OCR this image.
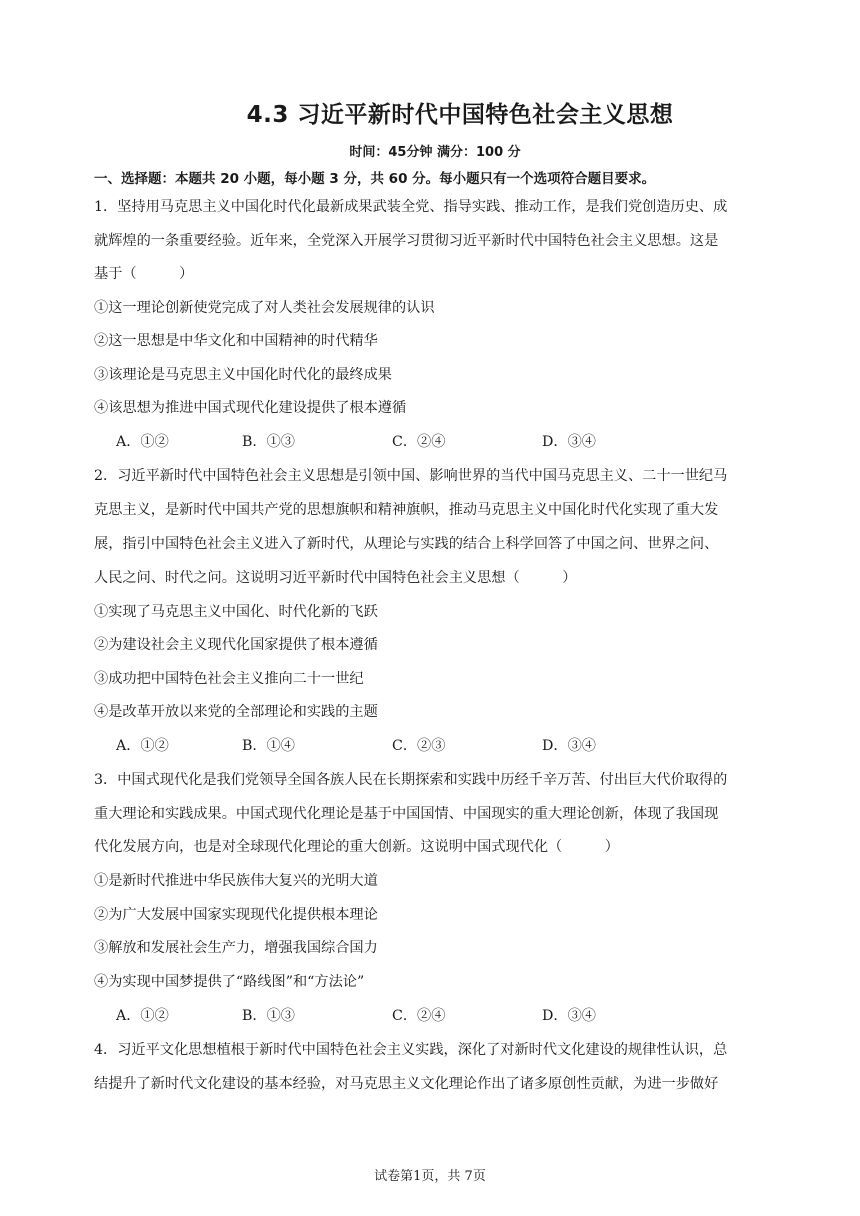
4.3 习近平新时代中国特色社会主义思想
时间：45分钟 满分：100 分
一、选择题：本题共 20 小题，每小题 3 分，共 60 分。每小题只有一个选项符合题目要求。
1．坚持用马克思主义中国化时代化最新成果武装全党、指导实践、推动工作，是我们党创造历史、成
就辉煌的一条重要经验。近年来，全党深入开展学习贯彻习近平新时代中国特色社会主义思想。这是
基于（　　　）
①这一理论创新使党完成了对人类社会发展规律的认识
②这一思想是中华文化和中国精神的时代精华
③该理论是马克思主义中国化时代化的最终成果
④该思想为推进中国式现代化建设提供了根本遵循
A．①②	B．①③	C．②④	D．③④
2．习近平新时代中国特色社会主义思想是引领中国、影响世界的当代中国马克思主义、二十一世纪马
克思主义，是新时代中国共产党的思想旗帜和精神旗帜，推动马克思主义中国化时代化实现了重大发
展，指引中国特色社会主义进入了新时代，从理论与实践的结合上科学回答了中国之问、世界之问、
人民之问、时代之问。这说明习近平新时代中国特色社会主义思想（　　　）
①实现了马克思主义中国化、时代化新的飞跃
②为建设社会主义现代化国家提供了根本遵循
③成功把中国特色社会主义推向二十一世纪
④是改革开放以来党的全部理论和实践的主题
A．①②	B．①④	C．②③	D．③④
3．中国式现代化是我们党领导全国各族人民在长期探索和实践中历经千辛万苦、付出巨大代价取得的
重大理论和实践成果。中国式现代化理论是基于中国国情、中国现实的重大理论创新，体现了我国现
代化发展方向，也是对全球现代化理论的重大创新。这说明中国式现代化（　　　）
①是新时代推进中华民族伟大复兴的光明大道
②为广大发展中国家实现现代化提供根本理论
③解放和发展社会生产力，增强我国综合国力
④为实现中国梦提供了“路线图”和“方法论”
A．①②	B．①③	C．②④	D．③④
4．习近平文化思想植根于新时代中国特色社会主义实践，深化了对新时代文化建设的规律性认识，总
结提升了新时代文化建设的基本经验，对马克思主义文化理论作出了诸多原创性贡献，为进一步做好
试卷第1页，共 7页
